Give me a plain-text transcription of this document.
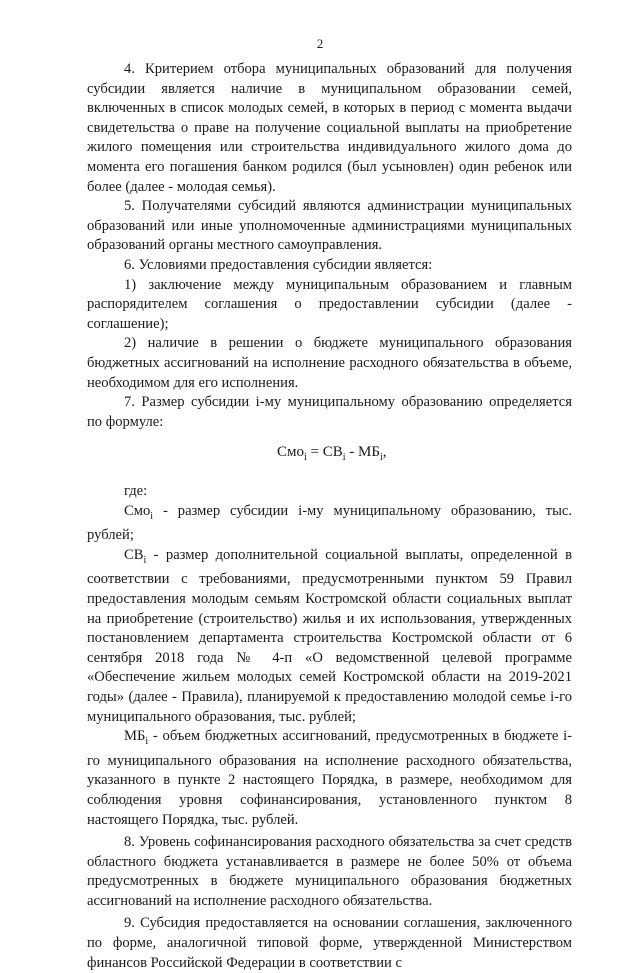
2

4. Критерием отбора муниципальных образований для получения субсидии является наличие в муниципальном образовании семей, включенных в список молодых семей, в которых в период с момента выдачи свидетельства о праве на получение социальной выплаты на приобретение жилого помещения или строительства индивидуального жилого дома до момента его погашения банком родился (был усыновлен) один ребенок или более (далее - молодая семья).

5. Получателями субсидий являются администрации муниципальных образований или иные уполномоченные администрациями муниципальных образований органы местного самоуправления.

6. Условиями предоставления субсидии является:

1) заключение между муниципальным образованием и главным распорядителем соглашения о предоставлении субсидии (далее - соглашение);

2) наличие в решении о бюджете муниципального образования бюджетных ассигнований на исполнение расходного обязательства в объеме, необходимом для его исполнения.

7. Размер субсидии i-му муниципальному образованию определяется по формуле:

$Смо_i = СВ_i - МБ_i$,

где:

Смо$_i$ - размер субсидии i-му муниципальному образованию, тыс. рублей;

$СВ_i$ - размер дополнительной социальной выплаты, определенной в соответствии с требованиями, предусмотренными пунктом 59 Правил предоставления молодым семьям Костромской области социальных выплат на приобретение (строительство) жилья и их использования, утвержденных постановлением департамента строительства Костромской области от 6 сентября 2018 года № 4-п «О ведомственной целевой программе «Обеспечение жильем молодых семей Костромской области на 2019-2021 годы» (далее - Правила), планируемой к предоставлению молодой семье i-го муниципального образования, тыс. рублей;

$МБ_i$ - объем бюджетных ассигнований, предусмотренных в бюджете i-го муниципального образования на исполнение расходного обязательства, указанного в пункте 2 настоящего Порядка, в размере, необходимом для соблюдения уровня софинансирования, установленного пунктом 8 настоящего Порядка, тыс. рублей.

8. Уровень софинансирования расходного обязательства за счет средств областного бюджета устанавливается в размере не более 50% от объема предусмотренных в бюджете муниципального образования бюджетных ассигнований на исполнение расходного обязательства.

9. Субсидия предоставляется на основании соглашения, заключенного по форме, аналогичной типовой форме, утвержденной Министерством финансов Российской Федерации в соответствии с
